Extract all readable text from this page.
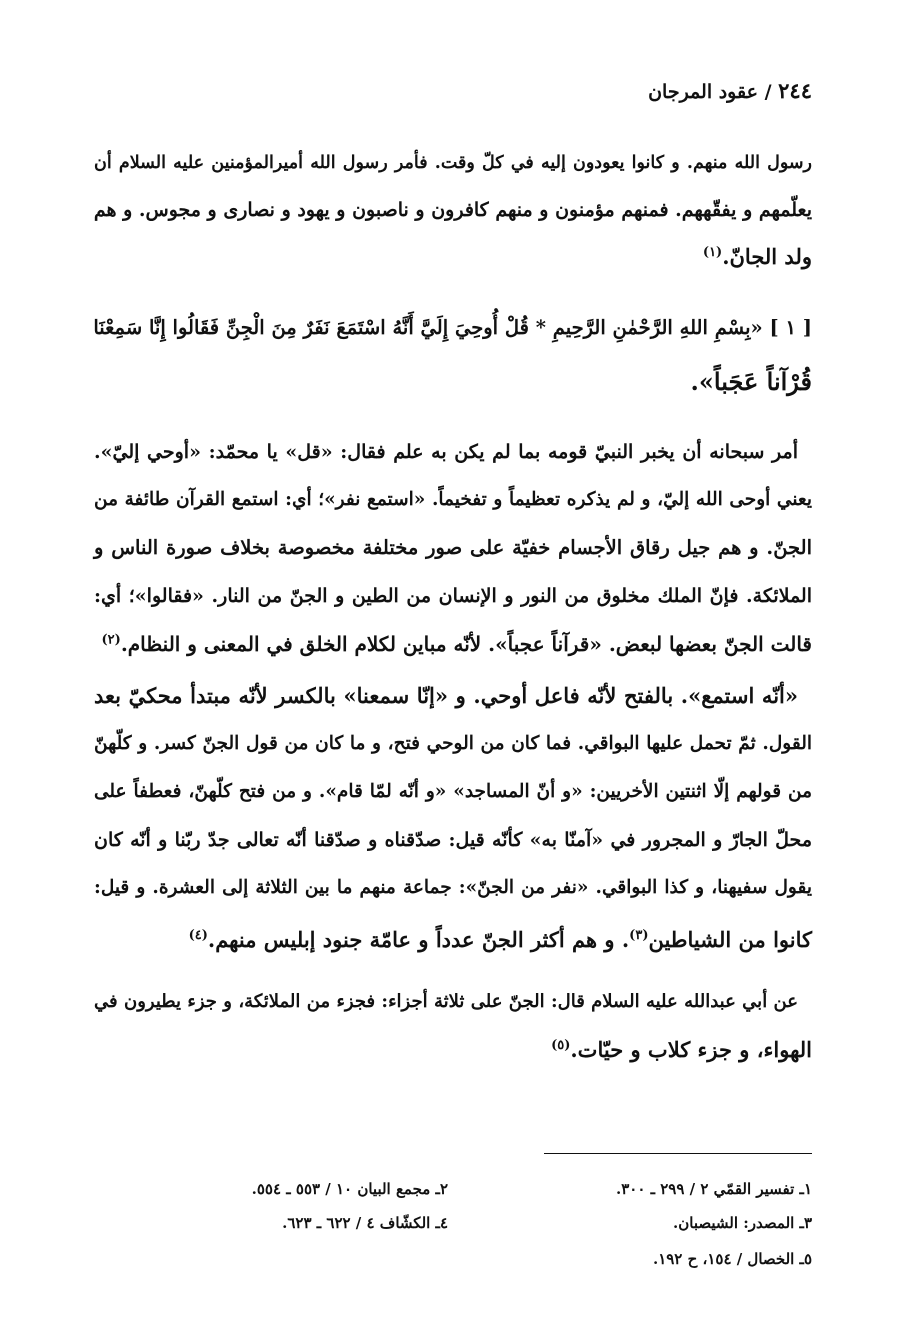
٢٤٤ / عقود المرجان
رسول الله منهم. و كانوا يعودون إليه في كلّ وقت. فأمر رسول الله أميرالمؤمنين عليه السلام أن
يعلّمهم و يفقّههم. فمنهم مؤمنون و منهم كافرون و ناصبون و يهود و نصارى و مجوس. و هم
ولد الجانّ.$^{(١)}$
[ ١ ] «بِسْمِ اللهِ الرَّحْمٰنِ الرَّحِيمِ * قُلْ أُوحِيَ إِلَيَّ أَنَّهُ اسْتَمَعَ نَفَرٌ مِنَ الْجِنِّ فَقَالُوا إِنَّا سَمِعْنَا
قُرْآناً عَجَباً».
أمر سبحانه أن يخبر النبيّ قومه بما لم يكن به علم فقال: «قل» يا محمّد: «أوحي إليّ».
يعني أوحى الله إليّ، و لم يذكره تعظيماً و تفخيماً. «استمع نفر»؛ أي: استمع القرآن طائفة من
الجنّ. و هم جيل رقاق الأجسام خفيّة على صور مختلفة مخصوصة بخلاف صورة الناس و
الملائكة. فإنّ الملك مخلوق من النور و الإنسان من الطين و الجنّ من النار. «فقالوا»؛ أي:
قالت الجنّ بعضها لبعض. «قرآناً عجباً». لأنّه مباين لكلام الخلق في المعنى و النظام.$^{(٢)}$
«أنّه استمع». بالفتح لأنّه فاعل أوحي. و «إنّا سمعنا» بالكسر لأنّه مبتدأ محكيّ بعد
القول. ثمّ تحمل عليها البواقي. فما كان من الوحي فتح، و ما كان من قول الجنّ كسر. و كلّهنّ
من قولهم إلّا اثنتين الأخريين: «و أنّ المساجد» «و أنّه لمّا قام». و من فتح كلّهنّ، فعطفاً على
محلّ الجارّ و المجرور في «آمنّا به» كأنّه قيل: صدّقناه و صدّقنا أنّه تعالى جدّ ربّنا و أنّه كان
يقول سفيهنا، و كذا البواقي. «نفر من الجنّ»: جماعة منهم ما بين الثلاثة إلى العشرة. و قيل:
كانوا من الشياطين$^{(٣)}$. و هم أكثر الجنّ عدداً و عامّة جنود إبليس منهم.$^{(٤)}$
عن أبي عبدالله عليه السلام قال: الجنّ على ثلاثة أجزاء: فجزء من الملائكة، و جزء يطيرون في
الهواء، و جزء كلاب و حيّات.$^{(٥)}$
١ـ تفسير القمّي ٢ / ٢٩٩ ـ ٣٠٠.
٢ـ مجمع البيان ١٠ / ٥٥٣ ـ ٥٥٤.
٣ـ المصدر: الشيصبان.
٤ـ الكشّاف ٤ / ٦٢٢ ـ ٦٢٣.
٥ـ الخصال / ١٥٤، ح ١٩٢.
